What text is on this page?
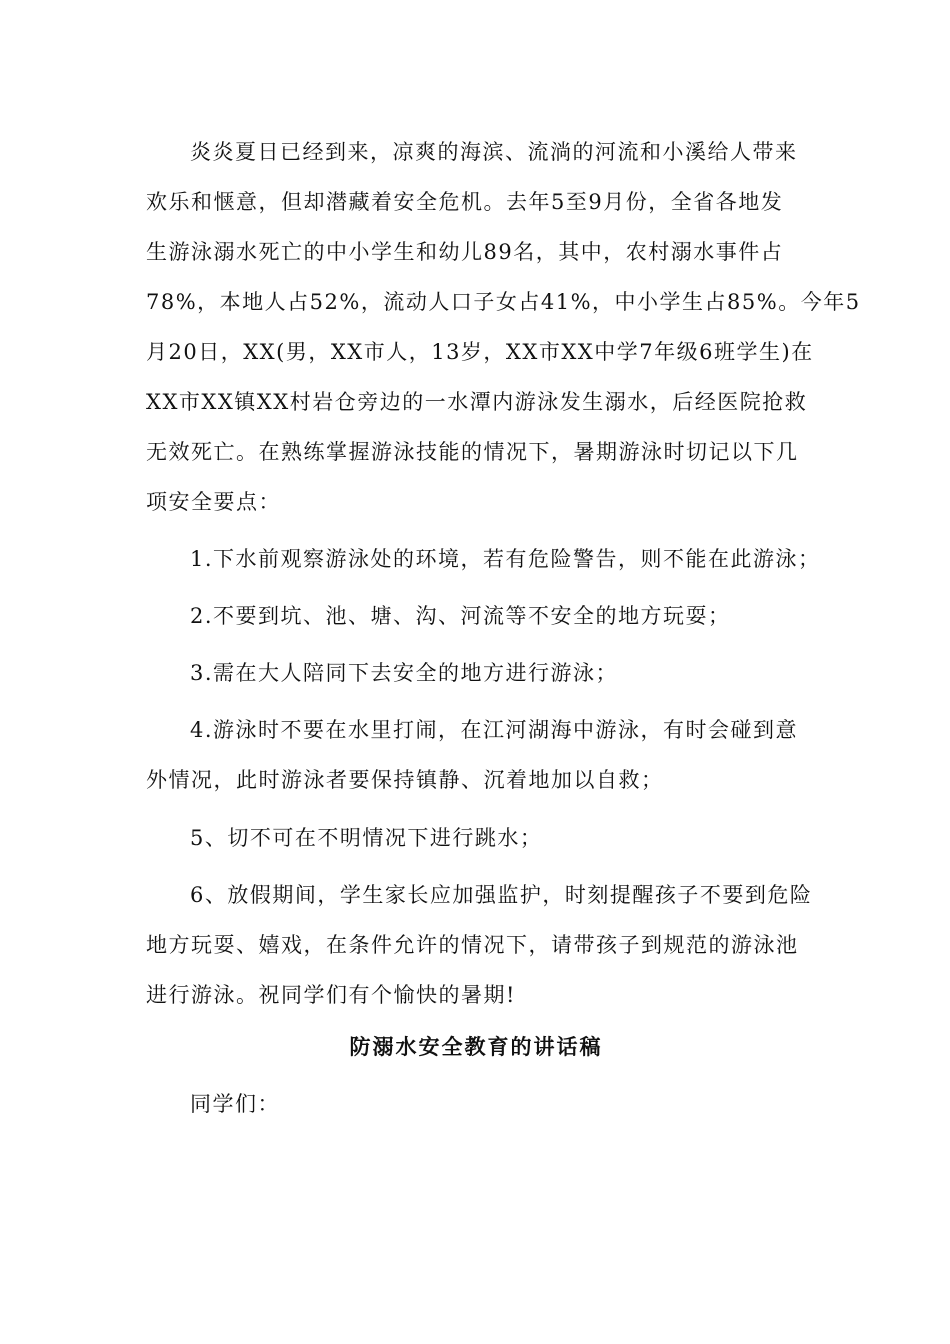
炎炎夏日已经到来，凉爽的海滨、流淌的河流和小溪给人带来
欢乐和惬意，但却潜藏着安全危机。去年5至9月份，全省各地发
生游泳溺水死亡的中小学生和幼儿89名，其中，农村溺水事件占
78%，本地人占52%，流动人口子女占41%，中小学生占85%。今年5
月20日，XX(男，XX市人，13岁，XX市XX中学7年级6班学生)在
XX市XX镇XX村岩仓旁边的一水潭内游泳发生溺水，后经医院抢救
无效死亡。在熟练掌握游泳技能的情况下，暑期游泳时切记以下几
项安全要点：
1.下水前观察游泳处的环境，若有危险警告，则不能在此游泳；
2.不要到坑、池、塘、沟、河流等不安全的地方玩耍；
3.需在大人陪同下去安全的地方进行游泳；
4.游泳时不要在水里打闹，在江河湖海中游泳，有时会碰到意
外情况，此时游泳者要保持镇静、沉着地加以自救；
5、切不可在不明情况下进行跳水；
6、放假期间，学生家长应加强监护，时刻提醒孩子不要到危险
地方玩耍、嬉戏，在条件允许的情况下，请带孩子到规范的游泳池
进行游泳。祝同学们有个愉快的暑期!
防溺水安全教育的讲话稿
同学们：
